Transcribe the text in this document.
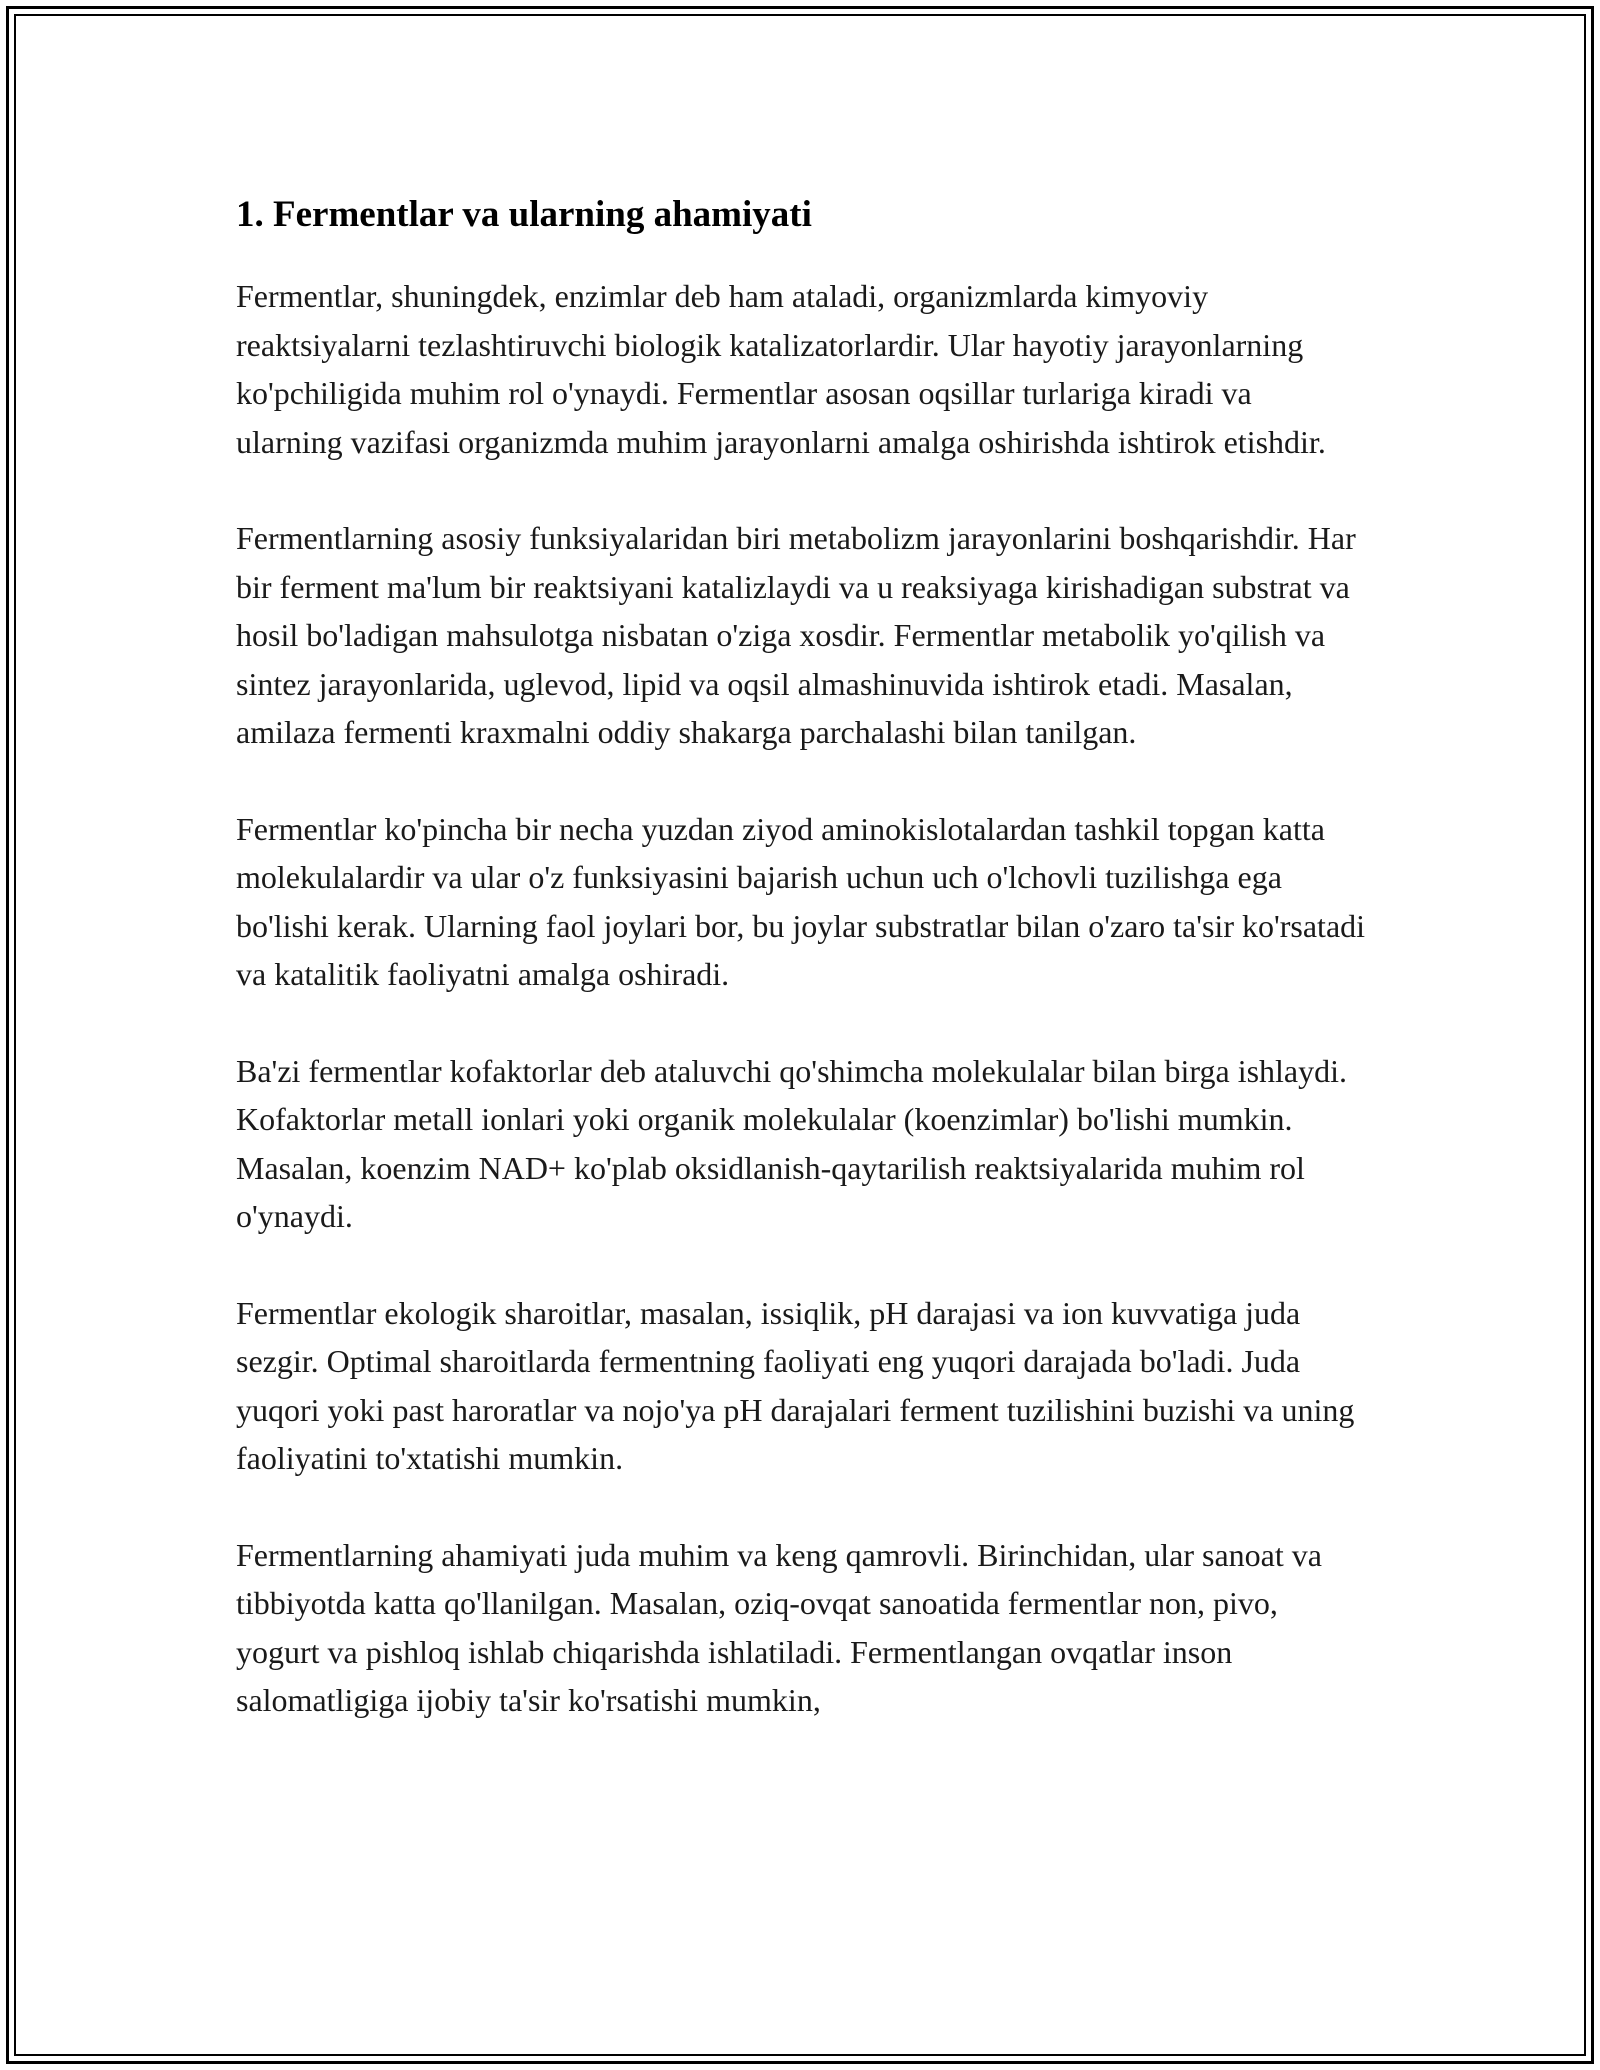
1. Fermentlar va ularning ahamiyati

Fermentlar, shuningdek, enzimlar deb ham ataladi, organizmlarda kimyoviy reaktsiyalarni tezlashtiruvchi biologik katalizatorlardir. Ular hayotiy jarayonlarning ko'pchiligida muhim rol o'ynaydi. Fermentlar asosan oqsillar turlariga kiradi va ularning vazifasi organizmda muhim jarayonlarni amalga oshirishda ishtirok etishdir.

Fermentlarning asosiy funksiyalaridan biri metabolizm jarayonlarini boshqarishdir. Har bir ferment ma'lum bir reaktsiyani katalizlaydi va u reaksiyaga kirishadigan substrat va hosil bo'ladigan mahsulotga nisbatan o'ziga xosdir. Fermentlar metabolik yo'qilish va sintez jarayonlarida, uglevod, lipid va oqsil almashinuvida ishtirok etadi. Masalan, amilaza fermenti kraxmalni oddiy shakarga parchalashi bilan tanilgan.

Fermentlar ko'pincha bir necha yuzdan ziyod aminokislotalardan tashkil topgan katta molekulalardir va ular o'z funksiyasini bajarish uchun uch o'lchovli tuzilishga ega bo'lishi kerak. Ularning faol joylari bor, bu joylar substratlar bilan o'zaro ta'sir ko'rsatadi va katalitik faoliyatni amalga oshiradi.

Ba'zi fermentlar kofaktorlar deb ataluvchi qo'shimcha molekulalar bilan birga ishlaydi. Kofaktorlar metall ionlari yoki organik molekulalar (koenzimlar) bo'lishi mumkin. Masalan, koenzim NAD+ ko'plab oksidlanish-qaytarilish reaktsiyalarida muhim rol o'ynaydi.

Fermentlar ekologik sharoitlar, masalan, issiqlik, pH darajasi va ion kuvvatiga juda sezgir. Optimal sharoitlarda fermentning faoliyati eng yuqori darajada bo'ladi. Juda yuqori yoki past haroratlar va nojo'ya pH darajalari ferment tuzilishini buzishi va uning faoliyatini to'xtatishi mumkin.

Fermentlarning ahamiyati juda muhim va keng qamrovli. Birinchidan, ular sanoat va tibbiyotda katta qo'llanilgan. Masalan, oziq-ovqat sanoatida fermentlar non, pivo, yogurt va pishloq ishlab chiqarishda ishlatiladi. Fermentlangan ovqatlar inson salomatligiga ijobiy ta'sir ko'rsatishi mumkin,
